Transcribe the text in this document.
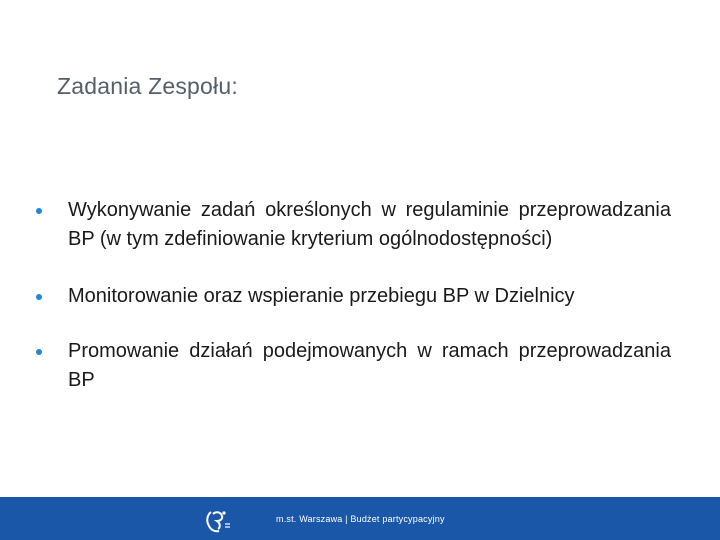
Zadania Zespołu:
Wykonywanie zadań określonych w regulaminie przeprowadzania BP (w tym zdefiniowanie kryterium ogólnodostępności)
Monitorowanie oraz wspieranie przebiegu BP w Dzielnicy
Promowanie działań podejmowanych w ramach przeprowadzania BP
m.st. Warszawa | Budżet partycypacyjny
